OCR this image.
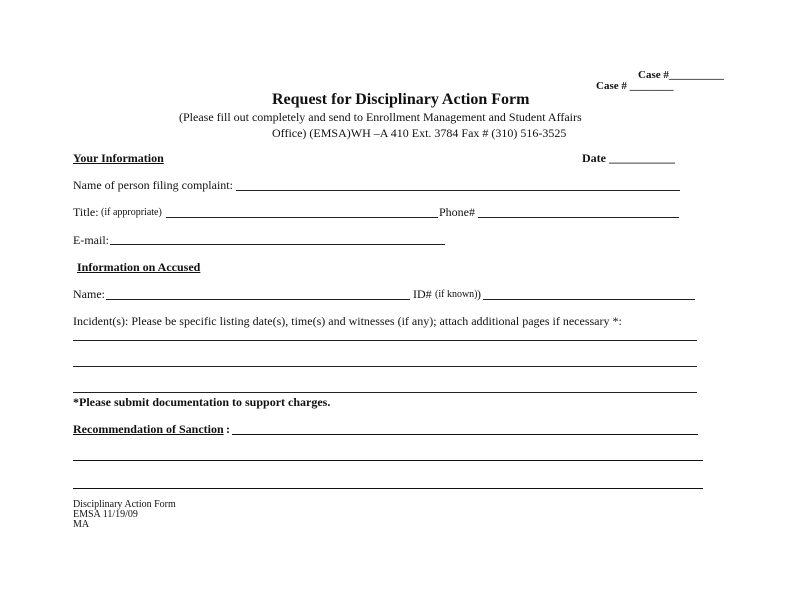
Case #__________
Case # ________
Request for Disciplinary Action Form
(Please fill out completely and send to Enrollment Management and Student Affairs
Office) (EMSA)WH –A 410 Ext. 3784 Fax # (310) 516-3525
Your Information	Date ___________
Name of person filing complaint:
Title: (if appropriate)	Phone#
E-mail:
Information on Accused
Name:	ID# (if known) )
Incident(s): Please be specific listing date(s), time(s) and witnesses (if any); attach additional pages if necessary *:
*Please submit documentation to support charges.
Recommendation of Sanction :
Disciplinary Action Form
EMSA 11/19/09
MA
